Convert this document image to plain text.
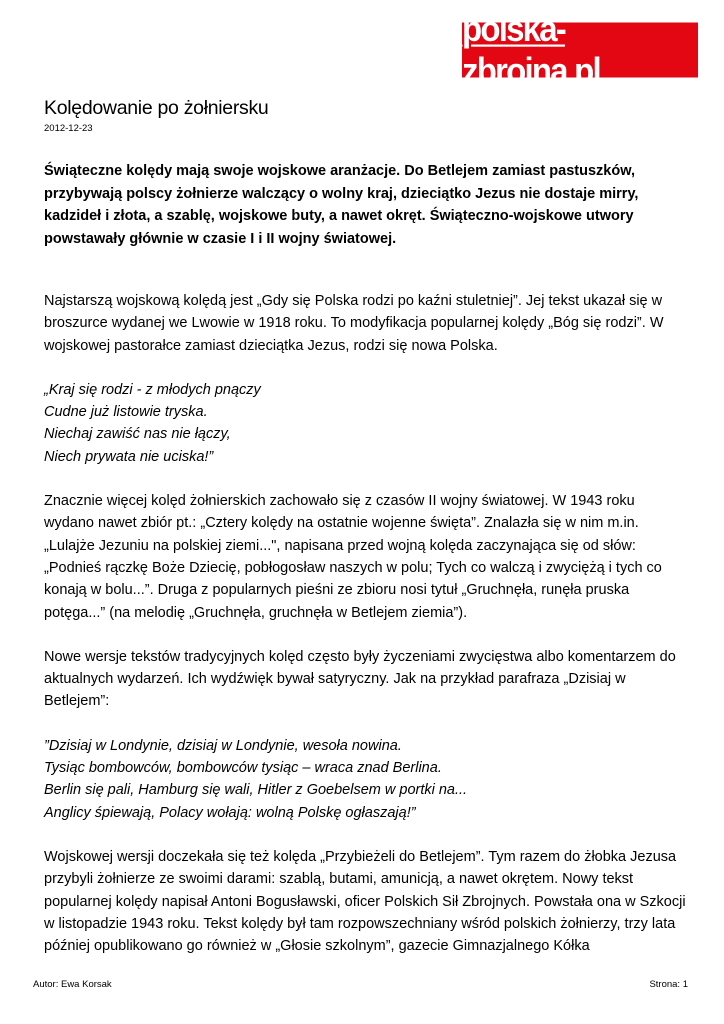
polska-zbrojna.pl
Kolędowanie po żołniersku
2012-12-23

Świąteczne kolędy mają swoje wojskowe aranżacje. Do Betlejem zamiast pastuszków, przybywają polscy żołnierze walczący o wolny kraj, dzieciątko Jezus nie dostaje mirry, kadzideł i złota, a szablę, wojskowe buty, a nawet okręt. Świąteczno-wojskowe utwory powstawały głównie w czasie I i II wojny światowej.

Najstarszą wojskową kolędą jest „Gdy się Polska rodzi po kaźni stuletniej”. Jej tekst ukazał się w broszurce wydanej we Lwowie w 1918 roku. To modyfikacja popularnej kolędy „Bóg się rodzi”. W wojskowej pastorałce zamiast dzieciątka Jezus, rodzi się nowa Polska.

„Kraj się rodzi - z młodych pnączy
Cudne już listowie tryska.
Niechaj zawiść nas nie łączy,
Niech prywata nie uciska!”

Znacznie więcej kolęd żołnierskich zachowało się z czasów II wojny światowej. W 1943 roku wydano nawet zbiór pt.: „Cztery kolędy na ostatnie wojenne święta”. Znalazła się w nim m.in. „Lulajże Jezuniu na polskiej ziemi...", napisana przed wojną kolęda zaczynająca się od słów: „Podnieś rączkę Boże Dziecię, pobłogosław naszych w polu; Tych co walczą i zwyciężą i tych co konają w bolu...”. Druga z popularnych pieśni ze zbioru nosi tytuł „Gruchnęła, runęła pruska potęga...” (na melodię „Gruchnęła, gruchnęła w Betlejem ziemia”).

Nowe wersje tekstów tradycyjnych kolęd często były życzeniami zwycięstwa albo komentarzem do aktualnych wydarzeń. Ich wydźwięk bywał satyryczny. Jak na przykład parafraza „Dzisiaj w Betlejem”:

”Dzisiaj w Londynie, dzisiaj w Londynie, wesoła nowina.
Tysiąc bombowców, bombowców tysiąc – wraca znad Berlina.
Berlin się pali, Hamburg się wali, Hitler z Goebelsem w portki na...
Anglicy śpiewają, Polacy wołają: wolną Polskę ogłaszają!”

Wojskowej wersji doczekała się też kolęda „Przybieżeli do Betlejem”. Tym razem do żłobka Jezusa przybyli żołnierze ze swoimi darami: szablą, butami, amunicją, a nawet okrętem. Nowy tekst popularnej kolędy napisał Antoni Bogusławski, oficer Polskich Sił Zbrojnych. Powstała ona w Szkocji w listopadzie 1943 roku. Tekst kolędy był tam rozpowszechniany wśród polskich żołnierzy, trzy lata później opublikowano go również w „Głosie szkolnym”, gazecie Gimnazjalnego Kółka

Autor: Ewa Korsak	Strona: 1
